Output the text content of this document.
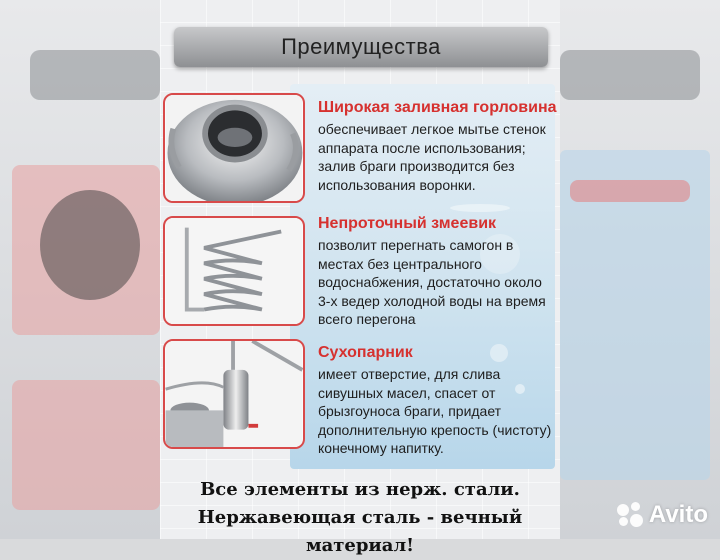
Преимущества
Широкая заливная горловина
обеспечивает легкое мытье стенок аппарата после использования; залив браги производится без использования воронки.
Непроточный змеевик
позволит перегнать самогон в местах без центрального водоснабжения, достаточно около 3-х ведер холодной воды на время всего перегона
Сухопарник
имеет отверстие, для слива сивушных масел, спасет от брызгоуноса браги, придает дополнительную крепость (чистоту) конечному напитку.
Все элементы из нерж. стали.
Нержавеющая сталь - вечный материал!
Avito
